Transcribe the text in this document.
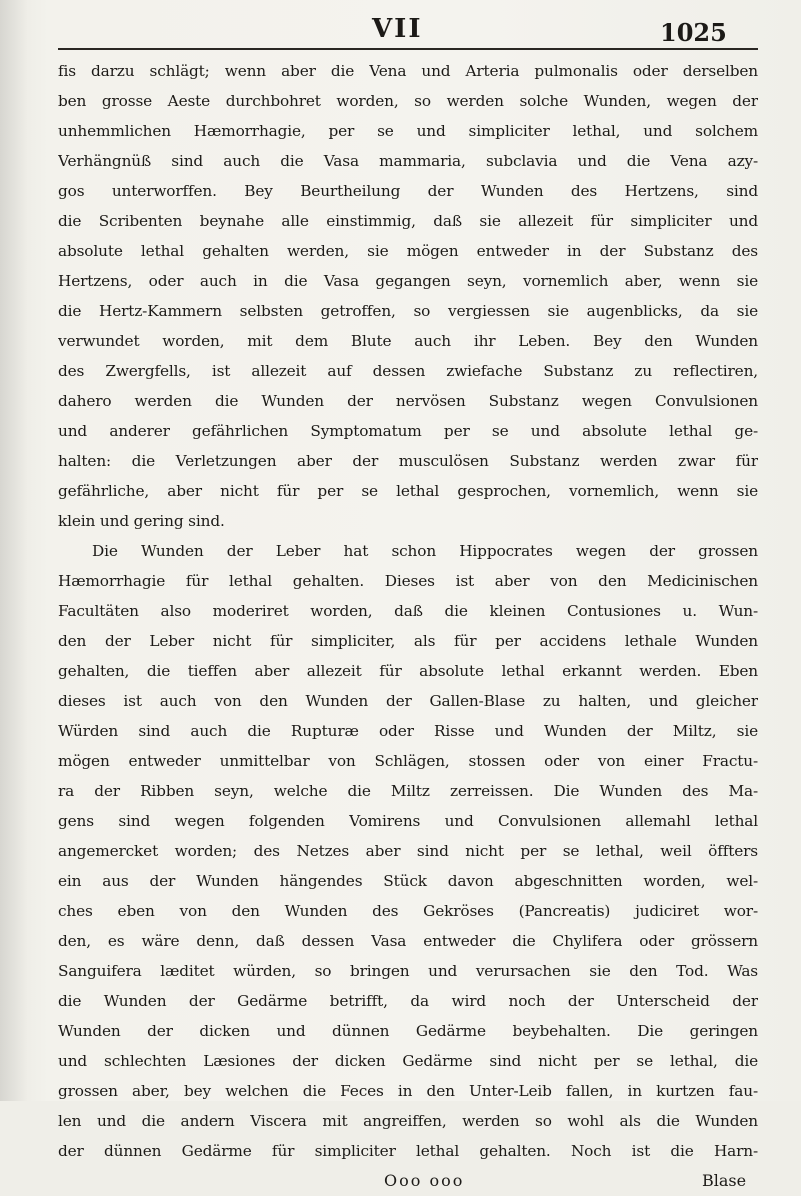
VII	1025
fis darzu schlägt; wenn aber die Vena und Arteria pulmonalis oder derselben
ben grosse Aeste durchbohret worden, so werden solche Wunden, wegen der
unhemmlichen Hæmorrhagie, per se und simpliciter lethal, und solchem
Verhängnüß sind auch die Vasa mammaria, subclavia und die Vena azy-
gos unterworffen. Bey Beurtheilung der Wunden des Hertzens, sind
die Scribenten beynahe alle einstimmig, daß sie allezeit für simpliciter und
absolute lethal gehalten werden, sie mögen entweder in der Substanz des
Hertzens, oder auch in die Vasa gegangen seyn, vornemlich aber, wenn sie
die Hertz-Kammern selbsten getroffen, so vergiessen sie augenblicks, da sie
verwundet worden, mit dem Blute auch ihr Leben. Bey den Wunden
des Zwergfells, ist allezeit auf dessen zwiefache Substanz zu reflectiren,
dahero werden die Wunden der nervösen Substanz wegen Convulsionen
und anderer gefährlichen Symptomatum per se und absolute lethal ge-
halten: die Verletzungen aber der musculösen Substanz werden zwar für
gefährliche, aber nicht für per se lethal gesprochen, vornemlich, wenn sie
klein und gering sind.
Die Wunden der Leber hat schon Hippocrates wegen der grossen
Hæmorrhagie für lethal gehalten. Dieses ist aber von den Medicinischen
Facultäten also moderiret worden, daß die kleinen Contusiones u. Wun-
den der Leber nicht für simpliciter, als für per accidens lethale Wunden
gehalten, die tieffen aber allezeit für absolute lethal erkannt werden. Eben
dieses ist auch von den Wunden der Gallen-Blase zu halten, und gleicher
Würden sind auch die Rupturæ oder Risse und Wunden der Miltz, sie
mögen entweder unmittelbar von Schlägen, stossen oder von einer Fractu-
ra der Ribben seyn, welche die Miltz zerreissen. Die Wunden des Ma-
gens sind wegen folgenden Vomirens und Convulsionen allemahl lethal
angemercket worden; des Netzes aber sind nicht per se lethal, weil öffters
ein aus der Wunden hängendes Stück davon abgeschnitten worden, wel-
ches eben von den Wunden des Gekröses (Pancreatis) judiciret wor-
den, es wäre denn, daß dessen Vasa entweder die Chylifera oder grössern
Sanguifera læditet würden, so bringen und verursachen sie den Tod. Was
die Wunden der Gedärme betrifft, da wird noch der Unterscheid der
Wunden der dicken und dünnen Gedärme beybehalten. Die geringen
und schlechten Læsiones der dicken Gedärme sind nicht per se lethal, die
grossen aber, bey welchen die Feces in den Unter-Leib fallen, in kurtzen fau-
len und die andern Viscera mit angreiffen, werden so wohl als die Wunden
der dünnen Gedärme für simpliciter lethal gehalten. Noch ist die Harn-
Ooo ooo	Blase
